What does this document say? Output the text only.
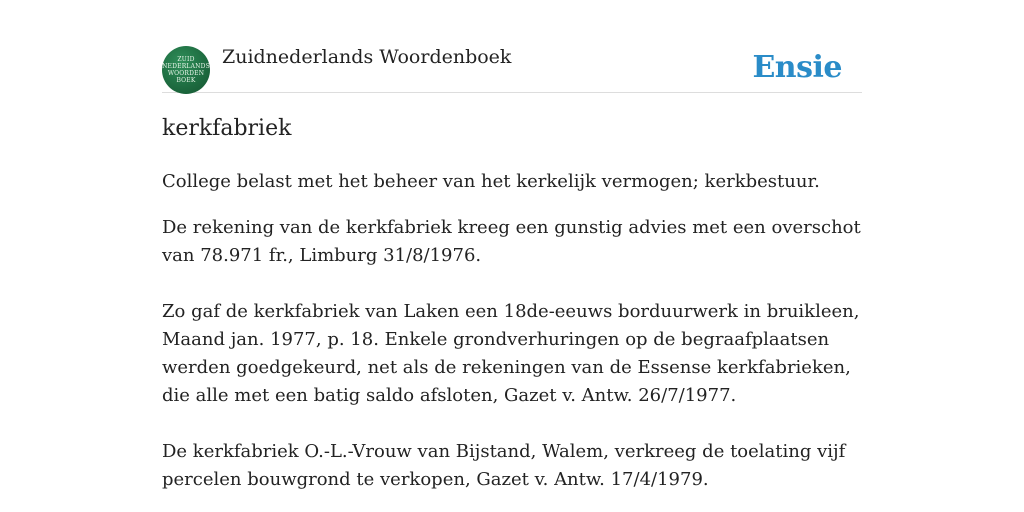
ZUID
NEDERLANDS
WOORDEN
BOEK
Zuidnederlands Woordenboek	Ensie
kerkfabriek

College belast met het beheer van het kerkelijk vermogen; kerkbestuur.

De rekening van de kerkfabriek kreeg een gunstig advies met een overschot van 78.971 fr., Limburg 31/8/1976.

Zo gaf de kerkfabriek van Laken een 18de-eeuws borduurwerk in bruikleen, Maand jan. 1977, p. 18. Enkele grondverhuringen op de begraafplaatsen werden goedgekeurd, net als de rekeningen van de Essense kerkfabrieken, die alle met een batig saldo afsloten, Gazet v. Antw. 26/7/1977.

De kerkfabriek O.-L.-Vrouw van Bijstand, Walem, verkreeg de toelating vijf percelen bouwgrond te verkopen, Gazet v. Antw. 17/4/1979.
